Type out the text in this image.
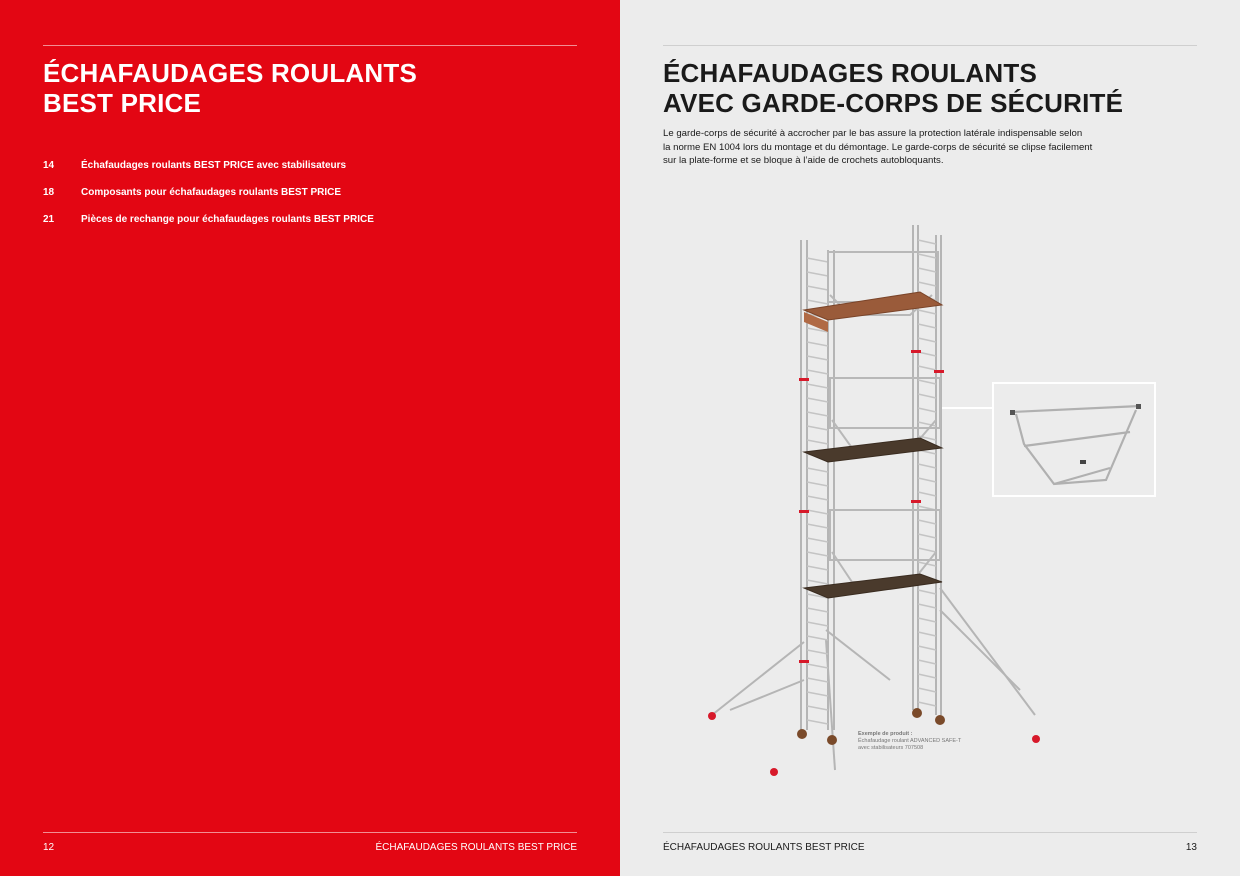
ÉCHAFAUDAGES ROULANTS
BEST PRICE
14	Échafaudages roulants BEST PRICE avec stabilisateurs
18	Composants pour échafaudages roulants BEST PRICE
21	Pièces de rechange pour échafaudages roulants BEST PRICE
12	ÉCHAFAUDAGES ROULANTS BEST PRICE
ÉCHAFAUDAGES ROULANTS
AVEC GARDE-CORPS DE SÉCURITÉ

Le garde-corps de sécurité à accrocher par le bas assure la protection latérale indispensable selon
la norme EN 1004 lors du montage et du démontage. Le garde-corps de sécurité se clipse facilement
sur la plate-forme et se bloque à l’aide de crochets autobloquants.

Exemple de produit :
Échafaudage roulant ADVANCED SAFE-T
avec stabilisateurs 707508
ÉCHAFAUDAGES ROULANTS BEST PRICE	13
